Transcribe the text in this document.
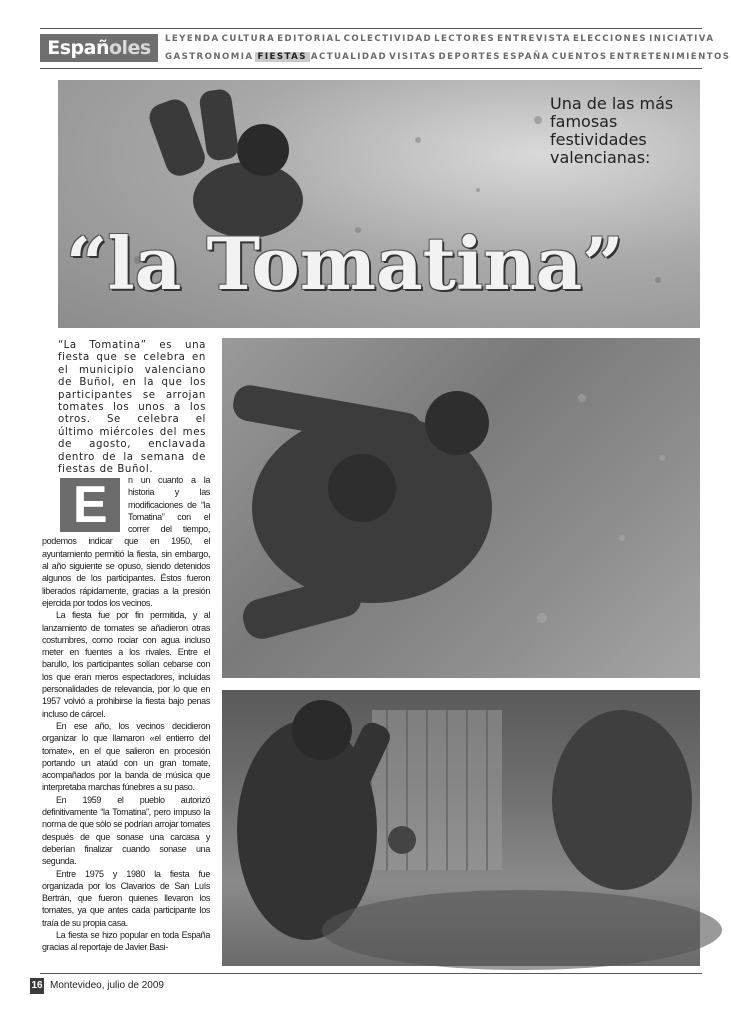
Españoles	LEYENDA CULTURA EDITORIAL COLECTIVIDAD LECTORES ENTREVISTA ELECCIONES INICIATIVA
GASTRONOMIA FIESTAS ACTUALIDAD VISITAS DEPORTES ESPAÑA CUENTOS ENTRETENIMIENTOS
Una de las más famosas festividades valencianas:
“la Tomatina”
“La Tomatina” es una fiesta que se celebra en el municipio valenciano de Buñol, en la que los participantes se arrojan tomates los unos a los otros. Se celebra el último miércoles del mes de agosto, enclavada dentro de la semana de fiestas de Buñol.
E	n un cuanto a la historia y las modificaciones de “la Tomatina” con el correr del tiempo, podemos indicar que en 1950, el ayuntamiento permitió la fiesta, sin embargo, al año siguiente se opuso, siendo detenidos algunos de los participantes. Éstos fueron liberados rápidamente, gracias a la presión ejercida por todos los vecinos.

La fiesta fue por fin permitida, y al lanzamiento de tomates se añadieron otras costumbres, como rociar con agua incluso meter en fuentes a los rivales. Entre el barullo, los participantes solían cebarse con los que eran meros espectadores, incluidas personalidades de relevancia, por lo que en 1957 volvió a prohibirse la fiesta bajo penas incluso de cárcel.

En ese año, los vecinos decidieron organizar lo que llamaron «el entierro del tomate», en el que salieron en procesión portando un ataúd con un gran tomate, acompañados por la banda de música que interpretaba marchas fúnebres a su paso.

En 1959 el pueblo autorizó definitivamente “la Tomatina”, pero impuso la norma de que sólo se podrían arrojar tomates después de que sonase una carcasa y deberían finalizar cuando sonase una segunda.

Entre 1975 y 1980 la fiesta fue organizada por los Clavarios de San Luís Bertrán, que fueron quienes llevaron los tomates, ya que antes cada participante los traía de su propia casa.

La fiesta se hizo popular en toda España gracias al reportaje de Javier Basi-

16 Montevideo, julio de 2009
